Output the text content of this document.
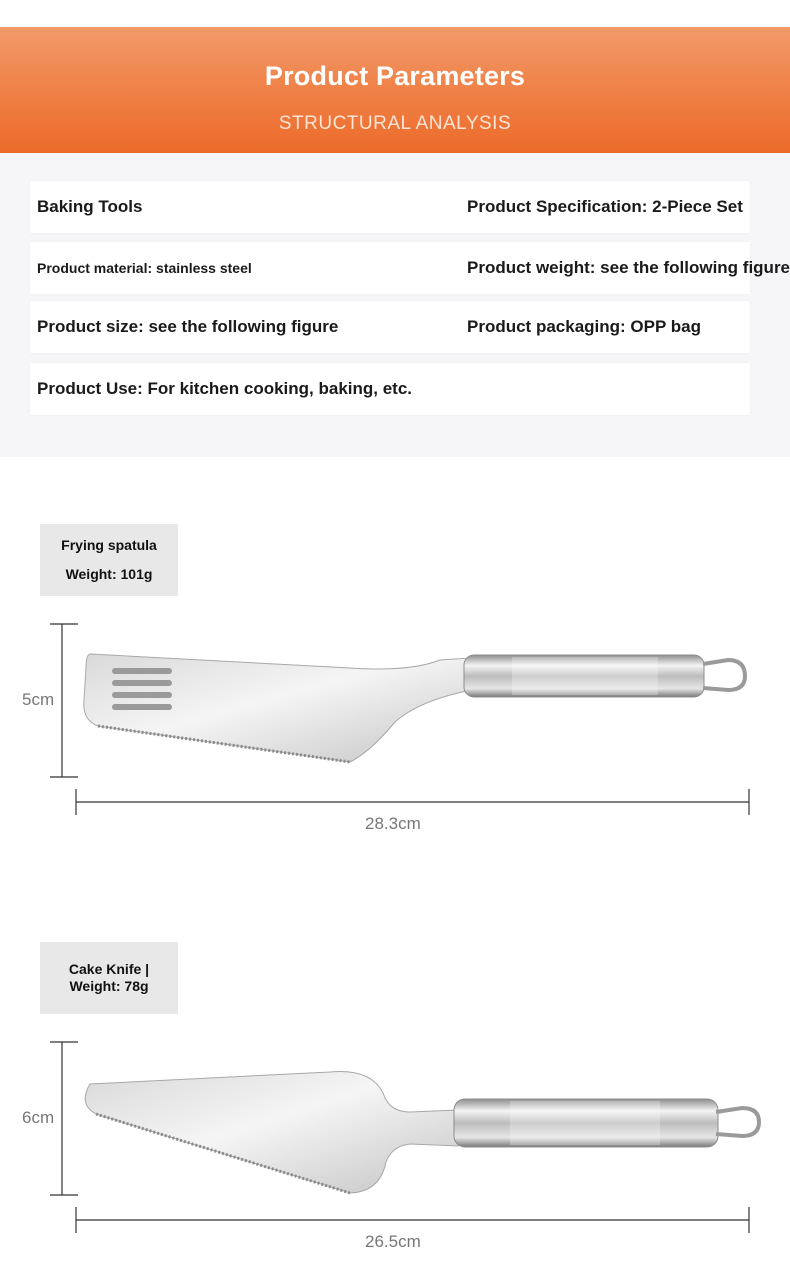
Product Parameters
STRUCTURAL ANALYSIS
Baking Tools	Product Specification: 2-Piece Set
Product material: stainless steel	Product weight: see the following figure
Product size: see the following figure	Product packaging: OPP bag
Product Use: For kitchen cooking, baking, etc.
Frying spatula
Weight: 101g
Cake Knife |
Weight: 78g
5cm
28.3cm
6cm
26.5cm
